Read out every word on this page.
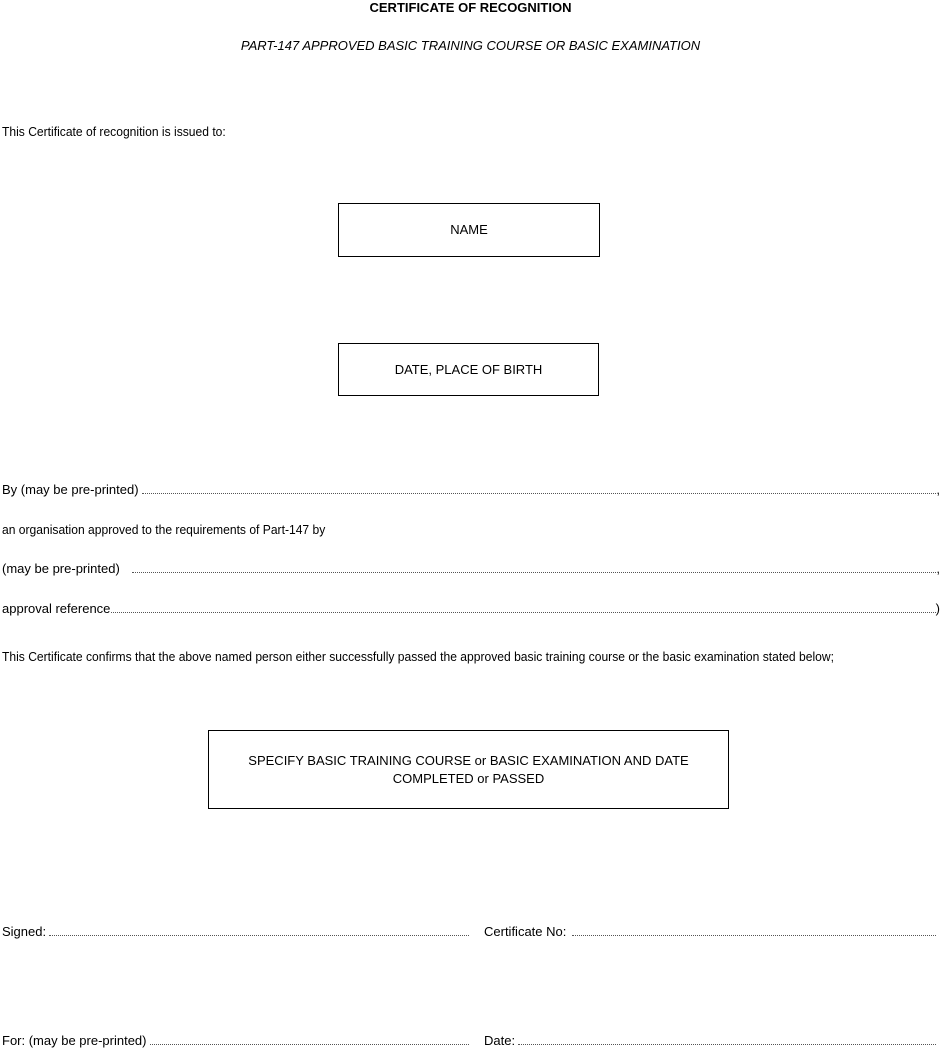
CERTIFICATE OF RECOGNITION
PART-147 APPROVED BASIC TRAINING COURSE OR BASIC EXAMINATION
This Certificate of recognition is issued to:
NAME
DATE, PLACE OF BIRTH
By (may be pre-printed)	,
an organisation approved to the requirements of Part-147 by
(may be pre-printed)	,
approval reference	)
This Certificate confirms that the above named person either successfully passed the approved basic training course or the basic examination stated below;
SPECIFY BASIC TRAINING COURSE or BASIC EXAMINATION AND DATE
COMPLETED or PASSED
Signed:	Certificate No:
For: (may be pre-printed)	Date:
